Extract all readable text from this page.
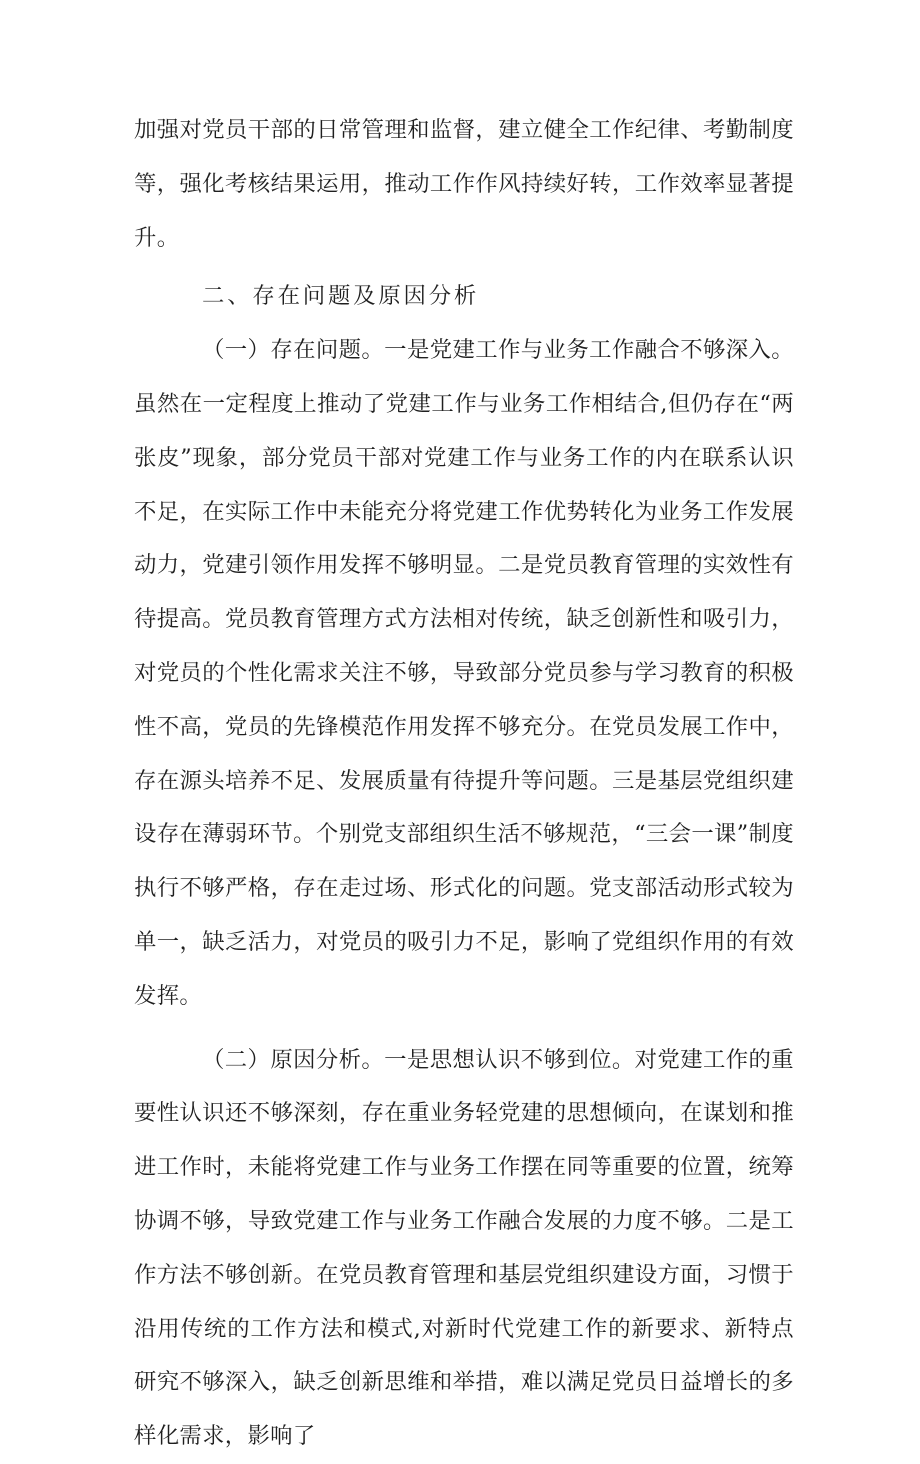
加强对党员干部的日常管理和监督，建立健全工作纪律、考勤制度等，强化考核结果运用，推动工作作风持续好转，工作效率显著提升。

二、存在问题及原因分析

（一）存在问题。一是党建工作与业务工作融合不够深入。虽然在一定程度上推动了党建工作与业务工作相结合,但仍存在“两张皮”现象，部分党员干部对党建工作与业务工作的内在联系认识不足，在实际工作中未能充分将党建工作优势转化为业务工作发展动力，党建引领作用发挥不够明显。二是党员教育管理的实效性有待提高。党员教育管理方式方法相对传统，缺乏创新性和吸引力，对党员的个性化需求关注不够，导致部分党员参与学习教育的积极性不高，党员的先锋模范作用发挥不够充分。在党员发展工作中，存在源头培养不足、发展质量有待提升等问题。三是基层党组织建设存在薄弱环节。个别党支部组织生活不够规范，“三会一课”制度执行不够严格，存在走过场、形式化的问题。党支部活动形式较为单一，缺乏活力，对党员的吸引力不足，影响了党组织作用的有效发挥。

（二）原因分析。一是思想认识不够到位。对党建工作的重要性认识还不够深刻，存在重业务轻党建的思想倾向，在谋划和推进工作时，未能将党建工作与业务工作摆在同等重要的位置，统筹协调不够，导致党建工作与业务工作融合发展的力度不够。二是工作方法不够创新。在党员教育管理和基层党组织建设方面，习惯于沿用传统的工作方法和模式,对新时代党建工作的新要求、新特点研究不够深入，缺乏创新思维和举措，难以满足党员日益增长的多样化需求，影响了
